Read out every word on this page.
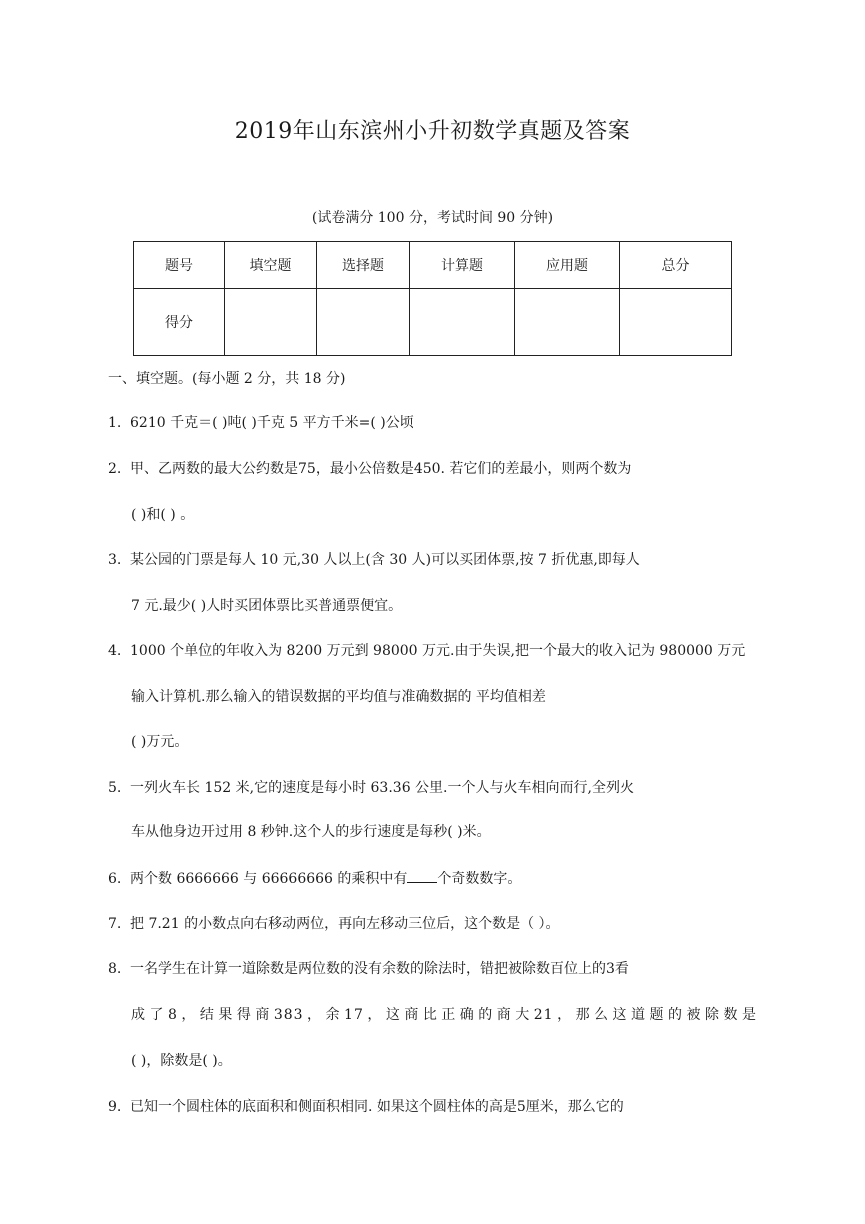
2019年山东滨州小升初数学真题及答案
(试卷满分 100 分，考试时间 90 分钟)
题号	填空题	选择题	计算题	应用题	总分
得分					
一、填空题。(每小题 2 分，共 18 分)
1. 6210 千克＝( )吨( )千克 5 平方千米=( )公顷
2. 甲、乙两数的最大公约数是75，最小公倍数是450. 若它们的差最小，则两个数为
( )和( ) 。
3. 某公园的门票是每人 10 元,30 人以上(含 30 人)可以买团体票,按 7 折优惠,即每人
7 元.最少( )人时买团体票比买普通票便宜。
4. 1000 个单位的年收入为 8200 万元到 98000 万元.由于失误,把一个最大的收入记为 980000 万元
输入计算机.那么输入的错误数据的平均值与准确数据的 平均值相差
( )万元。
5. 一列火车长 152 米,它的速度是每小时 63.36 公里.一个人与火车相向而行,全列火
车从他身边开过用 8 秒钟.这个人的步行速度是每秒( )米。
6. 两个数 6666666 与 66666666 的乘积中有 个奇数数字。
7. 把 7.21 的小数点向右移动两位，再向左移动三位后，这个数是（ ）。
8. 一名学生在计算一道除数是两位数的没有余数的除法时，错把被除数百位上的3看
成了8，结果得商383，余17，这商比正确的商大21，那么这道题的被除数是
( )，除数是( )。
9. 已知一个圆柱体的底面积和侧面积相同. 如果这个圆柱体的高是5厘米，那么它的
